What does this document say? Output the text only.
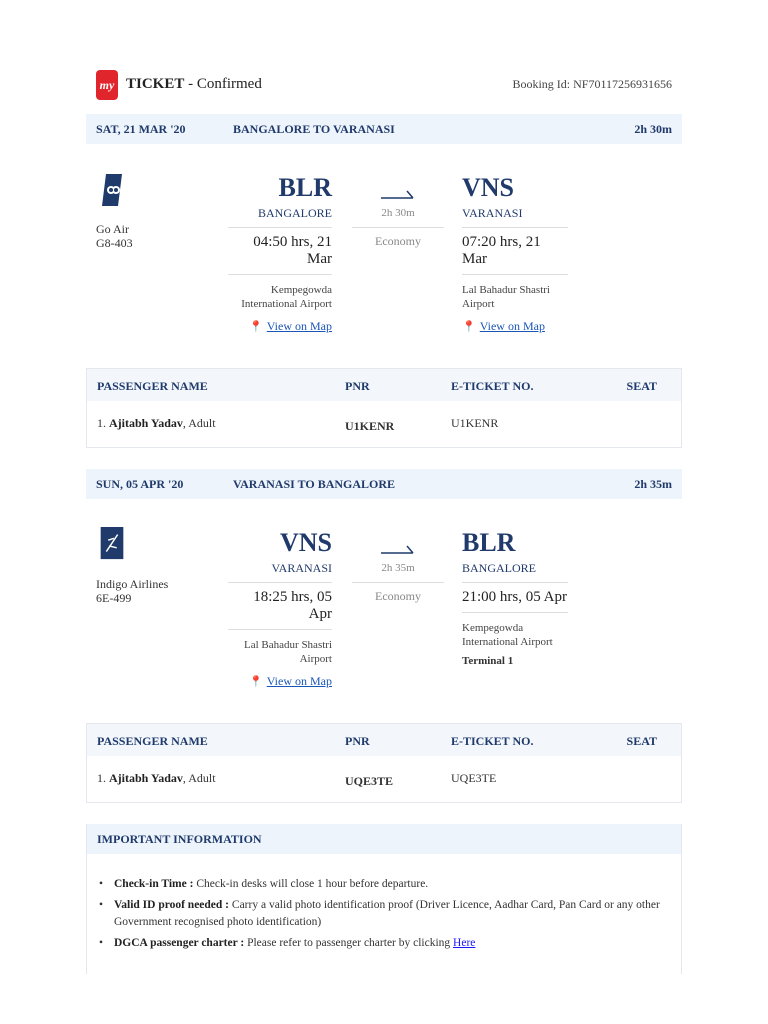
my TICKET - Confirmed	Booking Id: NF70117256931656
SAT, 21 MAR '20	BANGALORE TO VARANASI	2h 30m
Go Air
G8-403
BLR
BANGALORE
04:50 hrs, 21 Mar
Kempegowda
International Airport
📍 View on Map
2h 30m
Economy
VNS
VARANASI
07:20 hrs, 21 Mar
Lal Bahadur Shastri
Airport
📍 View on Map
PASSENGER NAME	PNR	E-TICKET NO.	SEAT
1. Ajitabh Yadav, Adult	U1KENR	U1KENR
SUN, 05 APR '20	VARANASI TO BANGALORE	2h 35m
Indigo Airlines
6E-499
VNS
VARANASI
18:25 hrs, 05 Apr
Lal Bahadur Shastri
Airport
📍 View on Map
2h 35m
Economy
BLR
BANGALORE
21:00 hrs, 05 Apr
Kempegowda
International Airport
Terminal 1
PASSENGER NAME	PNR	E-TICKET NO.	SEAT
1. Ajitabh Yadav, Adult	UQE3TE	UQE3TE
IMPORTANT INFORMATION
• Check-in Time : Check-in desks will close 1 hour before departure.
• Valid ID proof needed : Carry a valid photo identification proof (Driver Licence, Aadhar Card, Pan Card or any other Government recognised photo identification)
• DGCA passenger charter : Please refer to passenger charter by clicking Here
